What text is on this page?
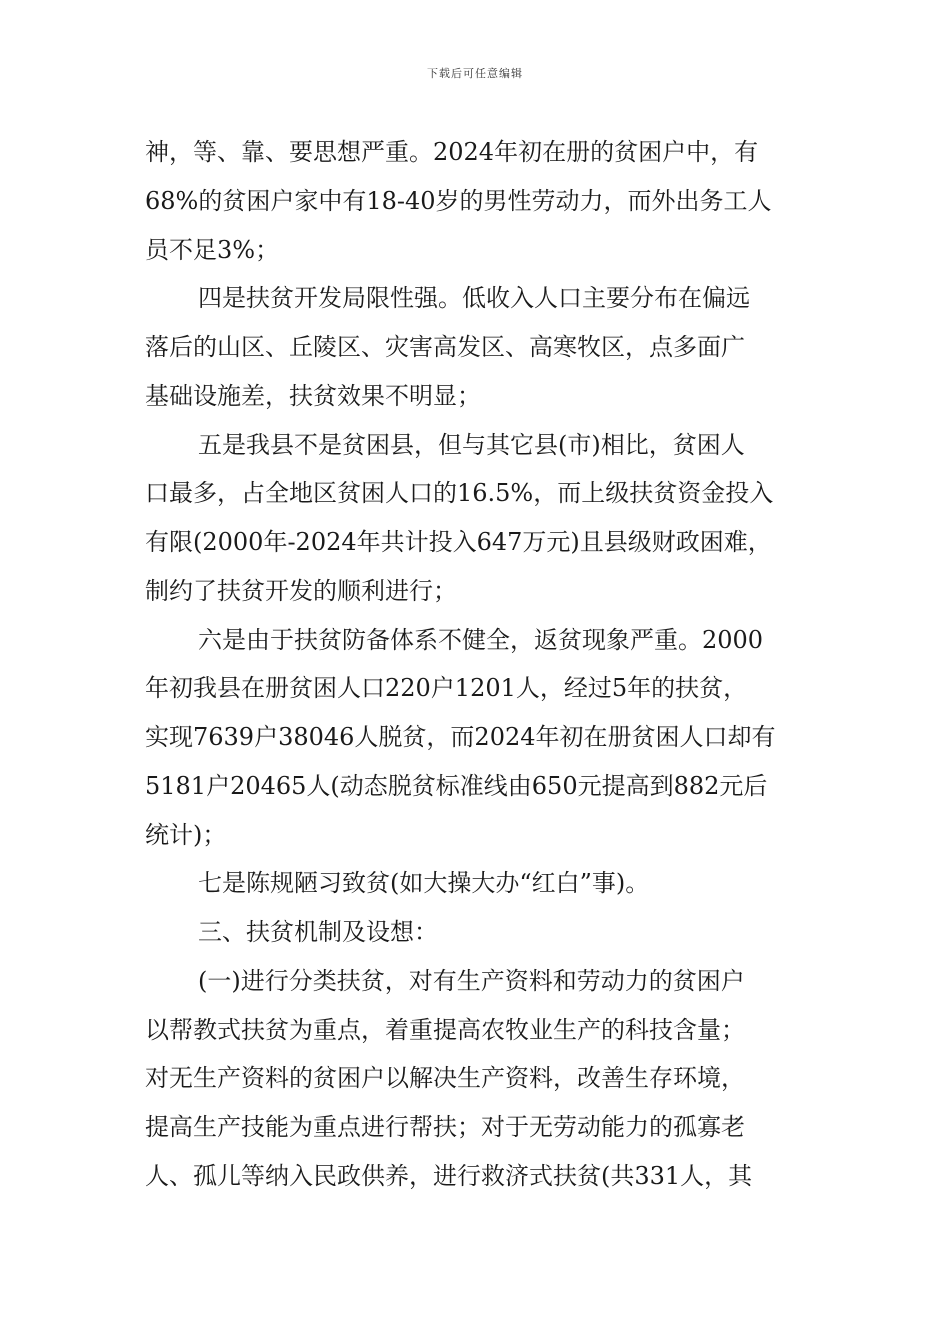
下载后可任意编辑
神，等、靠、要思想严重。2024年初在册的贫困户中，有
68%的贫困户家中有18-40岁的男性劳动力，而外出务工人
员不足3%；
四是扶贫开发局限性强。低收入人口主要分布在偏远
落后的山区、丘陵区、灾害高发区、高寒牧区，点多面广
基础设施差，扶贫效果不明显；
五是我县不是贫困县，但与其它县(市)相比，贫困人
口最多，占全地区贫困人口的16.5%，而上级扶贫资金投入
有限(2000年-2024年共计投入647万元)且县级财政困难，
制约了扶贫开发的顺利进行；
六是由于扶贫防备体系不健全，返贫现象严重。2000
年初我县在册贫困人口220户1201人，经过5年的扶贫，
实现7639户38046人脱贫，而2024年初在册贫困人口却有
5181户20465人(动态脱贫标准线由650元提高到882元后
统计)；
七是陈规陋习致贫(如大操大办“红白”事)。
三、扶贫机制及设想：
(一)进行分类扶贫，对有生产资料和劳动力的贫困户
以帮教式扶贫为重点，着重提高农牧业生产的科技含量；
对无生产资料的贫困户以解决生产资料，改善生存环境，
提高生产技能为重点进行帮扶；对于无劳动能力的孤寡老
人、孤儿等纳入民政供养，进行救济式扶贫(共331人，其
